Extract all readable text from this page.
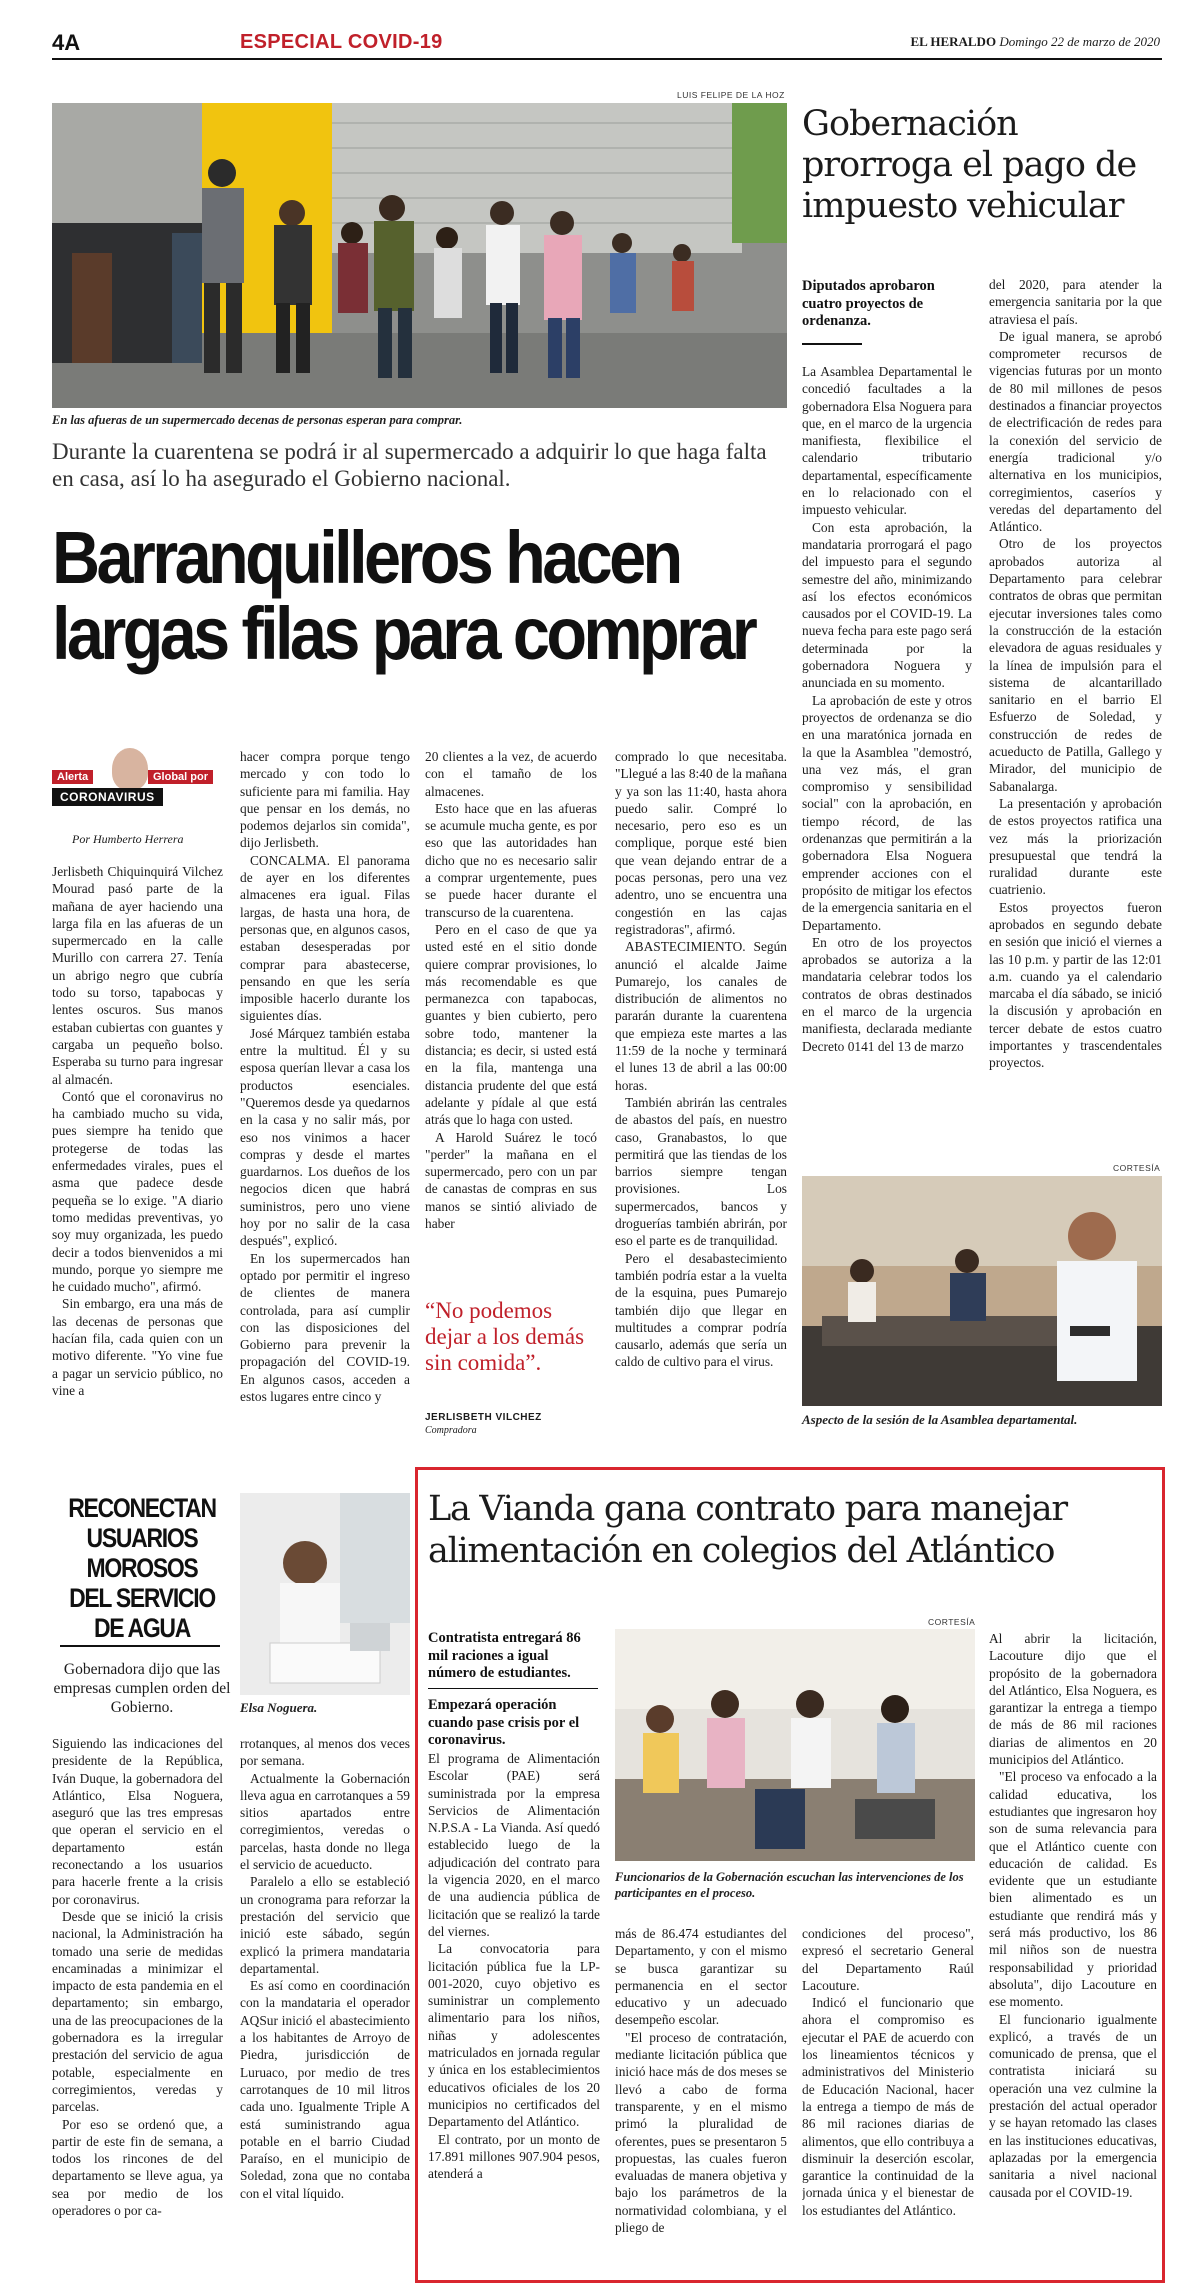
4A	ESPECIAL COVID-19	EL HERALDO Domingo 22 de marzo de 2020
LUIS FELIPE DE LA HOZ
En las afueras de un supermercado decenas de personas esperan para comprar.
Durante la cuarentena se podrá ir al supermercado a adquirir lo que haga falta en casa, así lo ha asegurado el Gobierno nacional.
Barranquilleros hacen
largas filas para comprar
Alerta	Global por
CORONAVIRUS
Por Humberto Herrera

Jerlisbeth Chiquinquirá Vilchez Mourad pasó parte de la mañana de ayer haciendo una larga fila en las afueras de un supermercado en la calle Murillo con carrera 27. Tenía un abrigo negro que cubría todo su torso, tapabocas y lentes oscuros. Sus manos estaban cubiertas con guantes y cargaba un pequeño bolso. Esperaba su turno para ingresar al almacén.

Contó que el coronavirus no ha cambiado mucho su vida, pues siempre ha tenido que protegerse de todas las enfermedades virales, pues el asma que padece desde pequeña se lo exige. "A diario tomo medidas preventivas, yo soy muy organizada, les puedo decir a todos bienvenidos a mi mundo, porque yo siempre me he cuidado mucho", afirmó.

Sin embargo, era una más de las decenas de personas que hacían fila, cada quien con un motivo diferente. "Yo vine fue a pagar un servicio público, no vine a

hacer compra porque tengo mercado y con todo lo suficiente para mi familia. Hay que pensar en los demás, no podemos dejarlos sin comida", dijo Jerlisbeth.

CONCALMA. El panorama de ayer en los diferentes almacenes era igual. Filas largas, de hasta una hora, de personas que, en algunos casos, estaban desesperadas por comprar para abastecerse, pensando en que les sería imposible hacerlo durante los siguientes días.

José Márquez también estaba entre la multitud. Él y su esposa querían llevar a casa los productos esenciales. "Queremos desde ya quedarnos en la casa y no salir más, por eso nos vinimos a hacer compras y desde el martes guardarnos. Los dueños de los negocios dicen que habrá suministros, pero uno viene hoy por no salir de la casa después", explicó.

En los supermercados han optado por permitir el ingreso de clientes de manera controlada, para así cumplir con las disposiciones del Gobierno para prevenir la propagación del COVID-19. En algunos casos, acceden a estos lugares entre cinco y

20 clientes a la vez, de acuerdo con el tamaño de los almacenes.

Esto hace que en las afueras se acumule mucha gente, es por eso que las autoridades han dicho que no es necesario salir a comprar urgentemente, pues se puede hacer durante el transcurso de la cuarentena.

Pero en el caso de que ya usted esté en el sitio donde quiere comprar provisiones, lo más recomendable es que permanezca con tapabocas, guantes y bien cubierto, pero sobre todo, mantener la distancia; es decir, si usted está en la fila, mantenga una distancia prudente del que está adelante y pídale al que está atrás que lo haga con usted.

A Harold Suárez le tocó "perder" la mañana en el supermercado, pero con un par de canastas de compras en sus manos se sintió aliviado de haber

“No podemos dejar a los demás sin comida”.
JERLISBETH VILCHEZ
Compradora

comprado lo que necesitaba. "Llegué a las 8:40 de la mañana y ya son las 11:40, hasta ahora puedo salir. Compré lo necesario, pero eso es un complique, porque esté bien que vean dejando entrar de a pocas personas, pero una vez adentro, uno se encuentra una congestión en las cajas registradoras", afirmó.

ABASTECIMIENTO. Según anunció el alcalde Jaime Pumarejo, los canales de distribución de alimentos no pararán durante la cuarentena que empieza este martes a las 11:59 de la noche y terminará el lunes 13 de abril a las 00:00 horas.

También abrirán las centrales de abastos del país, en nuestro caso, Granabastos, lo que permitirá que las tiendas de los barrios siempre tengan provisiones. Los supermercados, bancos y droguerías también abrirán, por eso el parte es de tranquilidad.

Pero el desabastecimiento también podría estar a la vuelta de la esquina, pues Pumarejo también dijo que llegar en multitudes a comprar podría causarlo, además que sería un caldo de cultivo para el virus.

Gobernación prorroga el pago de impuesto vehicular
Diputados aprobaron cuatro proyectos de ordenanza.

La Asamblea Departamental le concedió facultades a la gobernadora Elsa Noguera para que, en el marco de la urgencia manifiesta, flexibilice el calendario tributario departamental, específicamente en lo relacionado con el impuesto vehicular.

Con esta aprobación, la mandataria prorrogará el pago del impuesto para el segundo semestre del año, minimizando así los efectos económicos causados por el COVID-19. La nueva fecha para este pago será determinada por la gobernadora Noguera y anunciada en su momento.

La aprobación de este y otros proyectos de ordenanza se dio en una maratónica jornada en la que la Asamblea "demostró, una vez más, el gran compromiso y sensibilidad social" con la aprobación, en tiempo récord, de las ordenanzas que permitirán a la gobernadora Elsa Noguera emprender acciones con el propósito de mitigar los efectos de la emergencia sanitaria en el Departamento.

En otro de los proyectos aprobados se autoriza a la mandataria celebrar todos los contratos de obras destinados en el marco de la urgencia manifiesta, declarada mediante Decreto 0141 del 13 de marzo

del 2020, para atender la emergencia sanitaria por la que atraviesa el país.

De igual manera, se aprobó comprometer recursos de vigencias futuras por un monto de 80 mil millones de pesos destinados a financiar proyectos de electrificación de redes para la conexión del servicio de energía tradicional y/o alternativa en los municipios, corregimientos, caseríos y veredas del departamento del Atlántico.

Otro de los proyectos aprobados autoriza al Departamento para celebrar contratos de obras que permitan ejecutar inversiones tales como la construcción de la estación elevadora de aguas residuales y la línea de impulsión para el sistema de alcantarillado sanitario en el barrio El Esfuerzo de Soledad, y construcción de redes de acueducto de Patilla, Gallego y Mirador, del municipio de Sabanalarga.

La presentación y aprobación de estos proyectos ratifica una vez más la priorización presupuestal que tendrá la ruralidad durante este cuatrienio.

Estos proyectos fueron aprobados en segundo debate en sesión que inició el viernes a las 10 p.m. y partir de las 12:01 a.m. cuando ya el calendario marcaba el día sábado, se inició la discusión y aprobación en tercer debate de estos cuatro importantes y trascendentales proyectos.

CORTESÍA
Aspecto de la sesión de la Asamblea departamental.
RECONECTAN USUARIOS MOROSOS DEL SERVICIO DE AGUA
Gobernadora dijo que las empresas cumplen orden del Gobierno.	Elsa Noguera.

Siguiendo las indicaciones del presidente de la República, Iván Duque, la gobernadora del Atlántico, Elsa Noguera, aseguró que las tres empresas que operan el servicio en el departamento están reconectando a los usuarios para hacerle frente a la crisis por coronavirus.

Desde que se inició la crisis nacional, la Administración ha tomado una serie de medidas encaminadas a minimizar el impacto de esta pandemia en el departamento; sin embargo, una de las preocupaciones de la gobernadora es la irregular prestación del servicio de agua potable, especialmente en corregimientos, veredas y parcelas.

Por eso se ordenó que, a partir de este fin de semana, a todos los rincones de del departamento se lleve agua, ya sea por medio de los operadores o por ca-

rrotanques, al menos dos veces por semana.

Actualmente la Gobernación lleva agua en carrotanques a 59 sitios apartados entre corregimientos, veredas o parcelas, hasta donde no llega el servicio de acueducto.

Paralelo a ello se estableció un cronograma para reforzar la prestación del servicio que inició este sábado, según explicó la primera mandataria departamental.

Es así como en coordinación con la mandataria el operador AQSur inició el abastecimiento a los habitantes de Arroyo de Piedra, jurisdicción de Luruaco, por medio de tres carrotanques de 10 mil litros cada uno. Igualmente Triple A está suministrando agua potable en el barrio Ciudad Paraíso, en el municipio de Soledad, zona que no contaba con el vital líquido.

La Vianda gana contrato para manejar
alimentación en colegios del Atlántico
Contratista entregará 86 mil raciones a igual número de estudiantes.
Empezará operación cuando pase crisis por el coronavirus.
CORTESÍA
Funcionarios de la Gobernación escuchan las intervenciones de los participantes en el proceso.

El programa de Alimentación Escolar (PAE) será suministrada por la empresa Servicios de Alimentación N.P.S.A - La Vianda. Así quedó establecido luego de la adjudicación del contrato para la vigencia 2020, en el marco de una audiencia pública de licitación que se realizó la tarde del viernes.

La convocatoria para licitación pública fue la LP-001-2020, cuyo objetivo es suministrar un complemento alimentario para los niños, niñas y adolescentes matriculados en jornada regular y única en los establecimientos educativos oficiales de los 20 municipios no certificados del Departamento del Atlántico.

El contrato, por un monto de 17.891 millones 907.904 pesos, atenderá a

más de 86.474 estudiantes del Departamento, y con el mismo se busca garantizar su permanencia en el sector educativo y un adecuado desempeño escolar.

"El proceso de contratación, mediante licitación pública que inició hace más de dos meses se llevó a cabo de forma transparente, y en el mismo primó la pluralidad de oferentes, pues se presentaron 5 propuestas, las cuales fueron evaluadas de manera objetiva y bajo los parámetros de la normatividad colombiana, y el pliego de

condiciones del proceso", expresó el secretario General del Departamento Raúl Lacouture.

Indicó el funcionario que ahora el compromiso es ejecutar el PAE de acuerdo con los lineamientos técnicos y administrativos del Ministerio de Educación Nacional, hacer la entrega a tiempo de más de 86 mil raciones diarias de alimentos, que ello contribuya a disminuir la deserción escolar, garantice la continuidad de la jornada única y el bienestar de los estudiantes del Atlántico.

Al abrir la licitación, Lacouture dijo que el propósito de la gobernadora del Atlántico, Elsa Noguera, es garantizar la entrega a tiempo de más de 86 mil raciones diarias de alimentos en 20 municipios del Atlántico.

"El proceso va enfocado a la calidad educativa, los estudiantes que ingresaron hoy son de suma relevancia para que el Atlántico cuente con educación de calidad. Es evidente que un estudiante bien alimentado es un estudiante que rendirá más y será más productivo, los 86 mil niños son de nuestra responsabilidad y prioridad absoluta", dijo Lacouture en ese momento.

El funcionario igualmente explicó, a través de un comunicado de prensa, que el contratista iniciará su operación una vez culmine la prestación del actual operador y se hayan retomado las clases en las instituciones educativas, aplazadas por la emergencia sanitaria a nivel nacional causada por el COVID-19.
